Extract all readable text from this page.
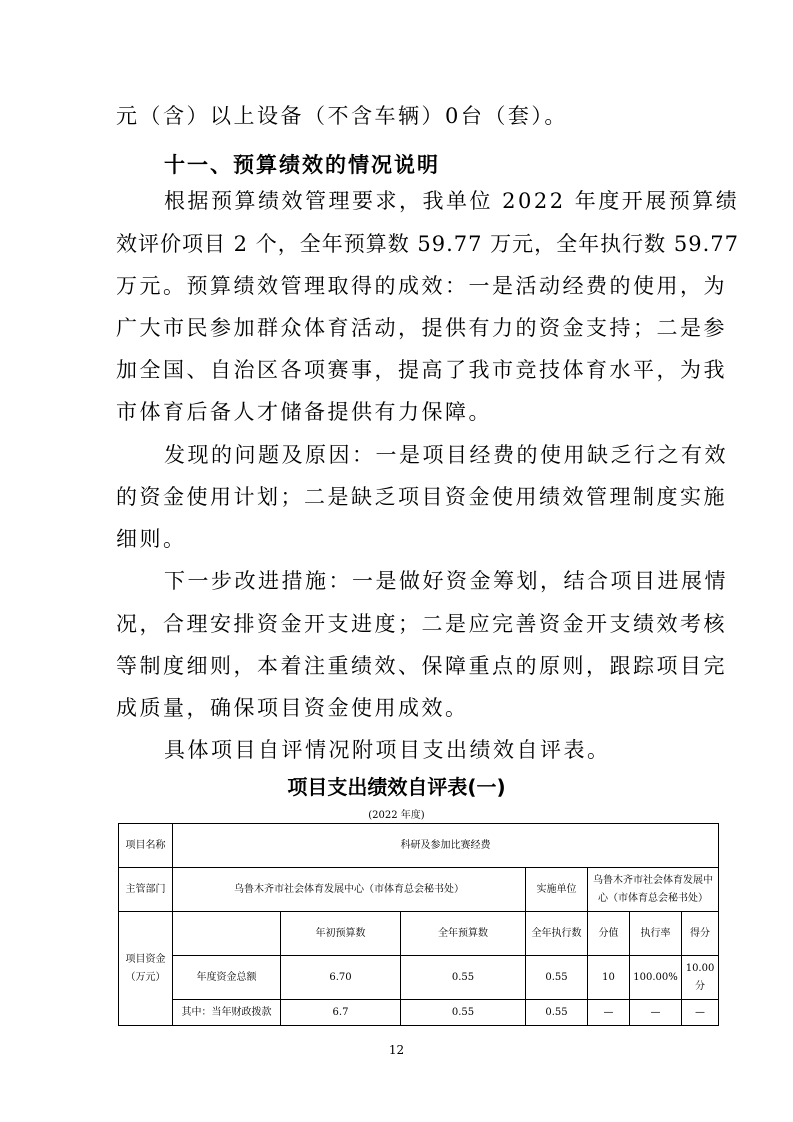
元（含）以上设备（不含车辆）0台（套）。

十一、预算绩效的情况说明

根据预算绩效管理要求，我单位 2022 年度开展预算绩

效评价项目 2 个，全年预算数 59.77 万元，全年执行数 59.77

万元。预算绩效管理取得的成效：一是活动经费的使用，为

广大市民参加群众体育活动，提供有力的资金支持；二是参

加全国、自治区各项赛事，提高了我市竞技体育水平，为我

市体育后备人才储备提供有力保障。

发现的问题及原因：一是项目经费的使用缺乏行之有效

的资金使用计划；二是缺乏项目资金使用绩效管理制度实施

细则。

下一步改进措施：一是做好资金筹划，结合项目进展情

况，合理安排资金开支进度；二是应完善资金开支绩效考核

等制度细则，本着注重绩效、保障重点的原则，跟踪项目完

成质量，确保项目资金使用成效。

具体项目自评情况附项目支出绩效自评表。

项目支出绩效自评表(一)
(2022 年度)
项目名称	科研及参加比赛经费						
主管部门	乌鲁木齐市社会体育发展中心（市体育总会秘书处）			实施单位	乌鲁木齐市社会体育发展中心（市体育总会秘书处）		
项目资金（万元）		年初预算数	全年预算数	全年执行数	分值	执行率	得分
	年度资金总额	6.70	0.55	0.55	10	100.00%	10.00分
	其中：当年财政拨款	6.7	0.55	0.55	—	—	—
12
